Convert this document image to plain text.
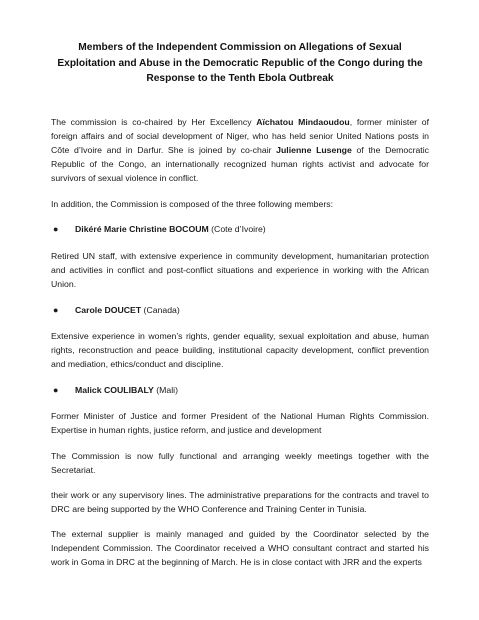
Members of the Independent Commission on Allegations of Sexual Exploitation and Abuse in the Democratic Republic of the Congo during the Response to the Tenth Ebola Outbreak

The commission is co-chaired by Her Excellency Aïchatou Mindaoudou, former minister of foreign affairs and of social development of Niger, who has held senior United Nations posts in Côte d’Ivoire and in Darfur. She is joined by co-chair Julienne Lusenge of the Democratic Republic of the Congo, an internationally recognized human rights activist and advocate for survivors of sexual violence in conflict.

In addition, the Commission is composed of the three following members:

●	Dikéré Marie Christine BOCOUM (Cote d’Ivoire)

Retired UN staff, with extensive experience in community development, humanitarian protection and activities in conflict and post-conflict situations and experience in working with the African Union.

●	Carole DOUCET (Canada)

Extensive experience in women’s rights, gender equality, sexual exploitation and abuse, human rights, reconstruction and peace building, institutional capacity development, conflict prevention and mediation, ethics/conduct and discipline.

●	Malick COULIBALY (Mali)

Former Minister of Justice and former President of the National Human Rights Commission. Expertise in human rights, justice reform, and justice and development

The Commission is now fully functional and arranging weekly meetings together with the Secretariat.

their work or any supervisory lines. The administrative preparations for the contracts and travel to DRC are being supported by the WHO Conference and Training Center in Tunisia.

The external supplier is mainly managed and guided by the Coordinator selected by the Independent Commission. The Coordinator received a WHO consultant contract and started his work in Goma in DRC at the beginning of March. He is in close contact with JRR and the experts
